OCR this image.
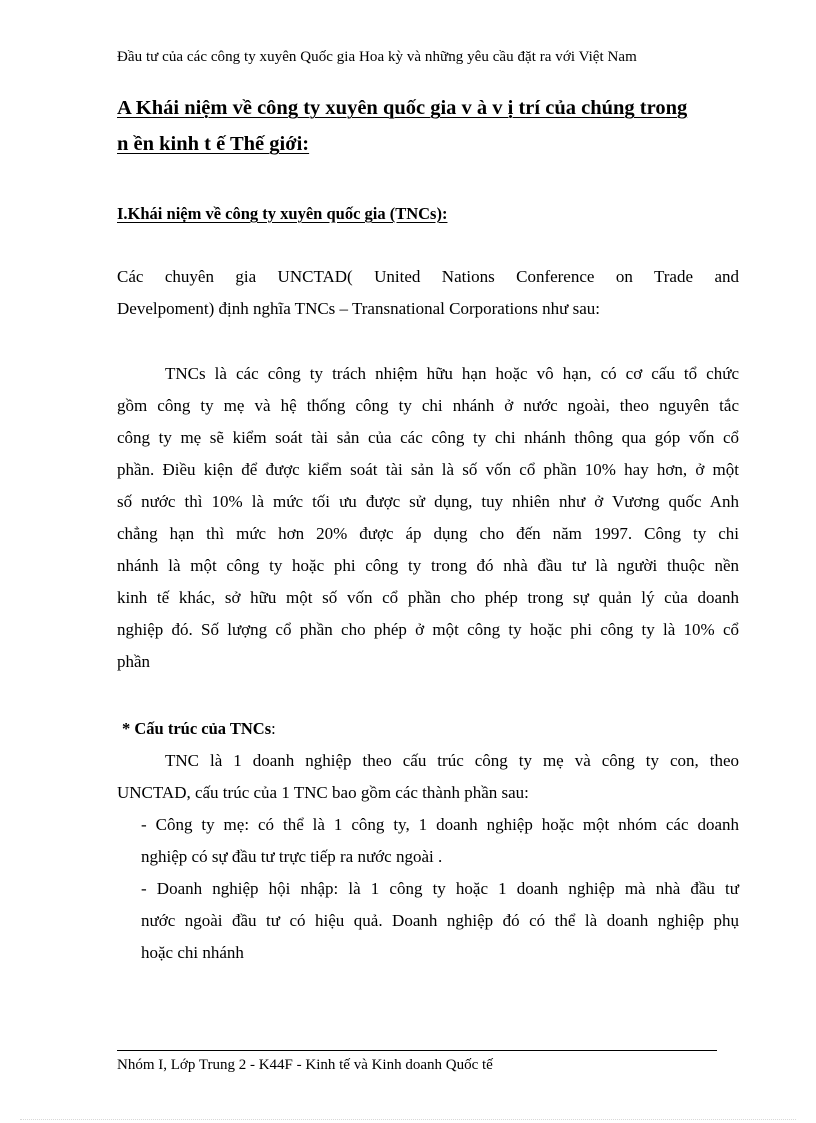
Đầu tư của các công ty xuyên Quốc gia Hoa kỳ và những yêu cầu đặt ra với Việt Nam
A Khái niệm về công ty xuyên quốc gia v à v ị trí của chúng trong
n ền kinh t ế Thế giới:
I.Khái niệm về công ty xuyên quốc gia (TNCs):
Các chuyên gia UNCTAD( United Nations Conference on Trade and
Develpoment) định nghĩa TNCs – Transnational Corporations như sau:
TNCs là các công ty trách nhiệm hữu hạn hoặc vô hạn, có cơ cấu tổ chức
gồm công ty mẹ và hệ thống công ty chi nhánh ở nước ngoài, theo nguyên tắc
công ty mẹ sẽ kiểm soát tài sản của các công ty chi nhánh thông qua góp vốn cổ
phần. Điều kiện để được kiểm soát tài sản là số vốn cổ phần 10% hay hơn, ở một
số nước thì 10% là mức tối ưu được sử dụng, tuy nhiên như ở Vương quốc Anh
chẳng hạn thì mức hơn 20% được áp dụng cho đến năm 1997. Công ty chi
nhánh là một công ty hoặc phi công ty trong đó nhà đầu tư là người thuộc nền
kinh tế khác, sở hữu một số vốn cổ phần cho phép trong sự quản lý của doanh
nghiệp đó. Số lượng cổ phần cho phép ở một công ty hoặc phi công ty là 10% cổ
phần
* Cấu trúc của TNCs:
TNC là 1 doanh nghiệp theo cấu trúc công ty mẹ và công ty con, theo
UNCTAD, cấu trúc của 1 TNC bao gồm các thành phần sau:
- Công ty mẹ: có thể là 1 công ty, 1 doanh nghiệp hoặc một nhóm các doanh
nghiệp có sự đầu tư trực tiếp ra nước ngoài .
- Doanh nghiệp hội nhập: là 1 công ty hoặc 1 doanh nghiệp mà nhà đầu tư
nước ngoài đầu tư có hiệu quả. Doanh nghiệp đó có thể là doanh nghiệp phụ
hoặc chi nhánh
Nhóm I, Lớp Trung 2 - K44F - Kinh tế và Kinh doanh Quốc tế
